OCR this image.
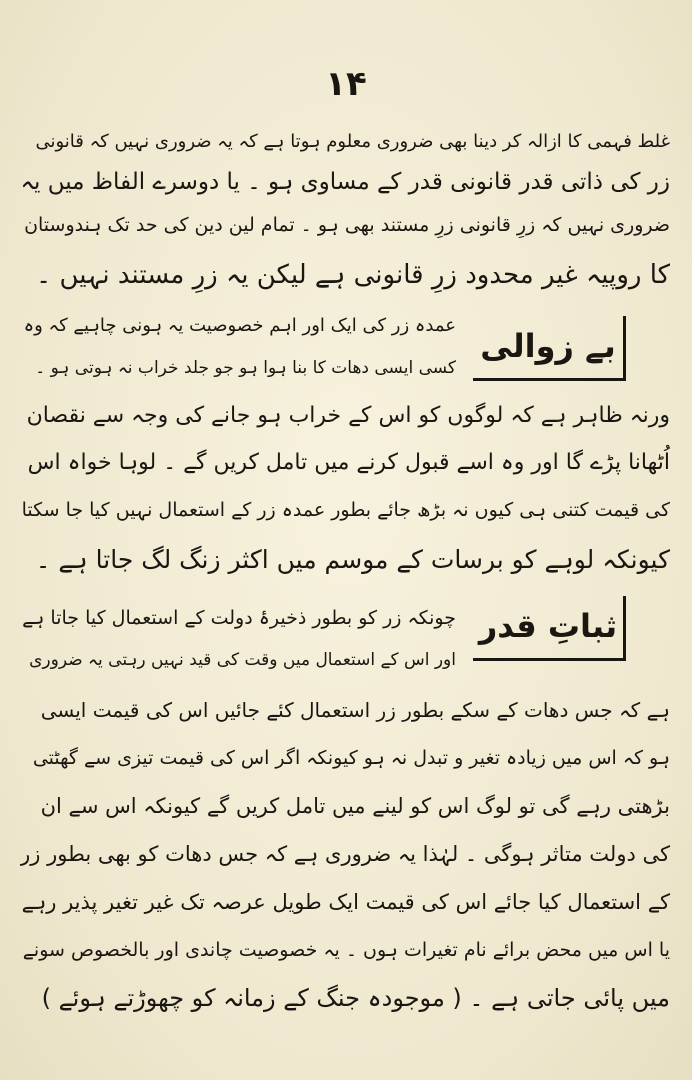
۱۴
غلط فہمی کا ازالہ کر دینا بھی ضروری معلوم ہوتا ہے کہ یہ ضروری نہیں کہ قانونی
زر کی ذاتی قدر قانونی قدر کے مساوی ہو ۔ یا دوسرے الفاظ میں یہ
ضروری نہیں کہ زرِ قانونی زرِ مستند بھی ہو ۔ تمام لین دین کی حد تک ہندوستان
کا روپیہ غیر محدود زرِ قانونی ہے لیکن یہ زرِ مستند نہیں ۔
بے زوالی
عمدہ زر کی ایک اور اہم خصوصیت یہ ہونی چاہیے کہ وہ
کسی ایسی دھات کا بنا ہوا ہو جو جلد خراب نہ ہوتی ہو ۔
ورنہ ظاہر ہے کہ لوگوں کو اس کے خراب ہو جانے کی وجہ سے نقصان
اُٹھانا پڑے گا اور وہ اسے قبول کرنے میں تامل کریں گے ۔ لوہا خواہ اس
کی قیمت کتنی ہی کیوں نہ بڑھ جائے بطور عمدہ زر کے استعمال نہیں کیا جا سکتا
کیونکہ لوہے کو برسات کے موسم میں اکثر زنگ لگ جاتا ہے ۔
ثباتِ قدر
چونکہ زر کو بطور ذخیرۂ دولت کے استعمال کیا جاتا ہے
اور اس کے استعمال میں وقت کی قید نہیں رہتی یہ ضروری
ہے کہ جس دھات کے سکے بطور زر استعمال کئے جائیں اس کی قیمت ایسی
ہو کہ اس میں زیادہ تغیر و تبدل نہ ہو کیونکہ اگر اس کی قیمت تیزی سے گھٹتی
بڑھتی رہے گی تو لوگ اس کو لینے میں تامل کریں گے کیونکہ اس سے ان
کی دولت متاثر ہوگی ۔ لہٰذا یہ ضروری ہے کہ جس دھات کو بھی بطور زر
کے استعمال کیا جائے اس کی قیمت ایک طویل عرصہ تک غیر تغیر پذیر رہے
یا اس میں محض برائے نام تغیرات ہوں ۔ یہ خصوصیت چاندی اور بالخصوص سونے
میں پائی جاتی ہے ۔ ( موجودہ جنگ کے زمانہ کو چھوڑتے ہوئے )
